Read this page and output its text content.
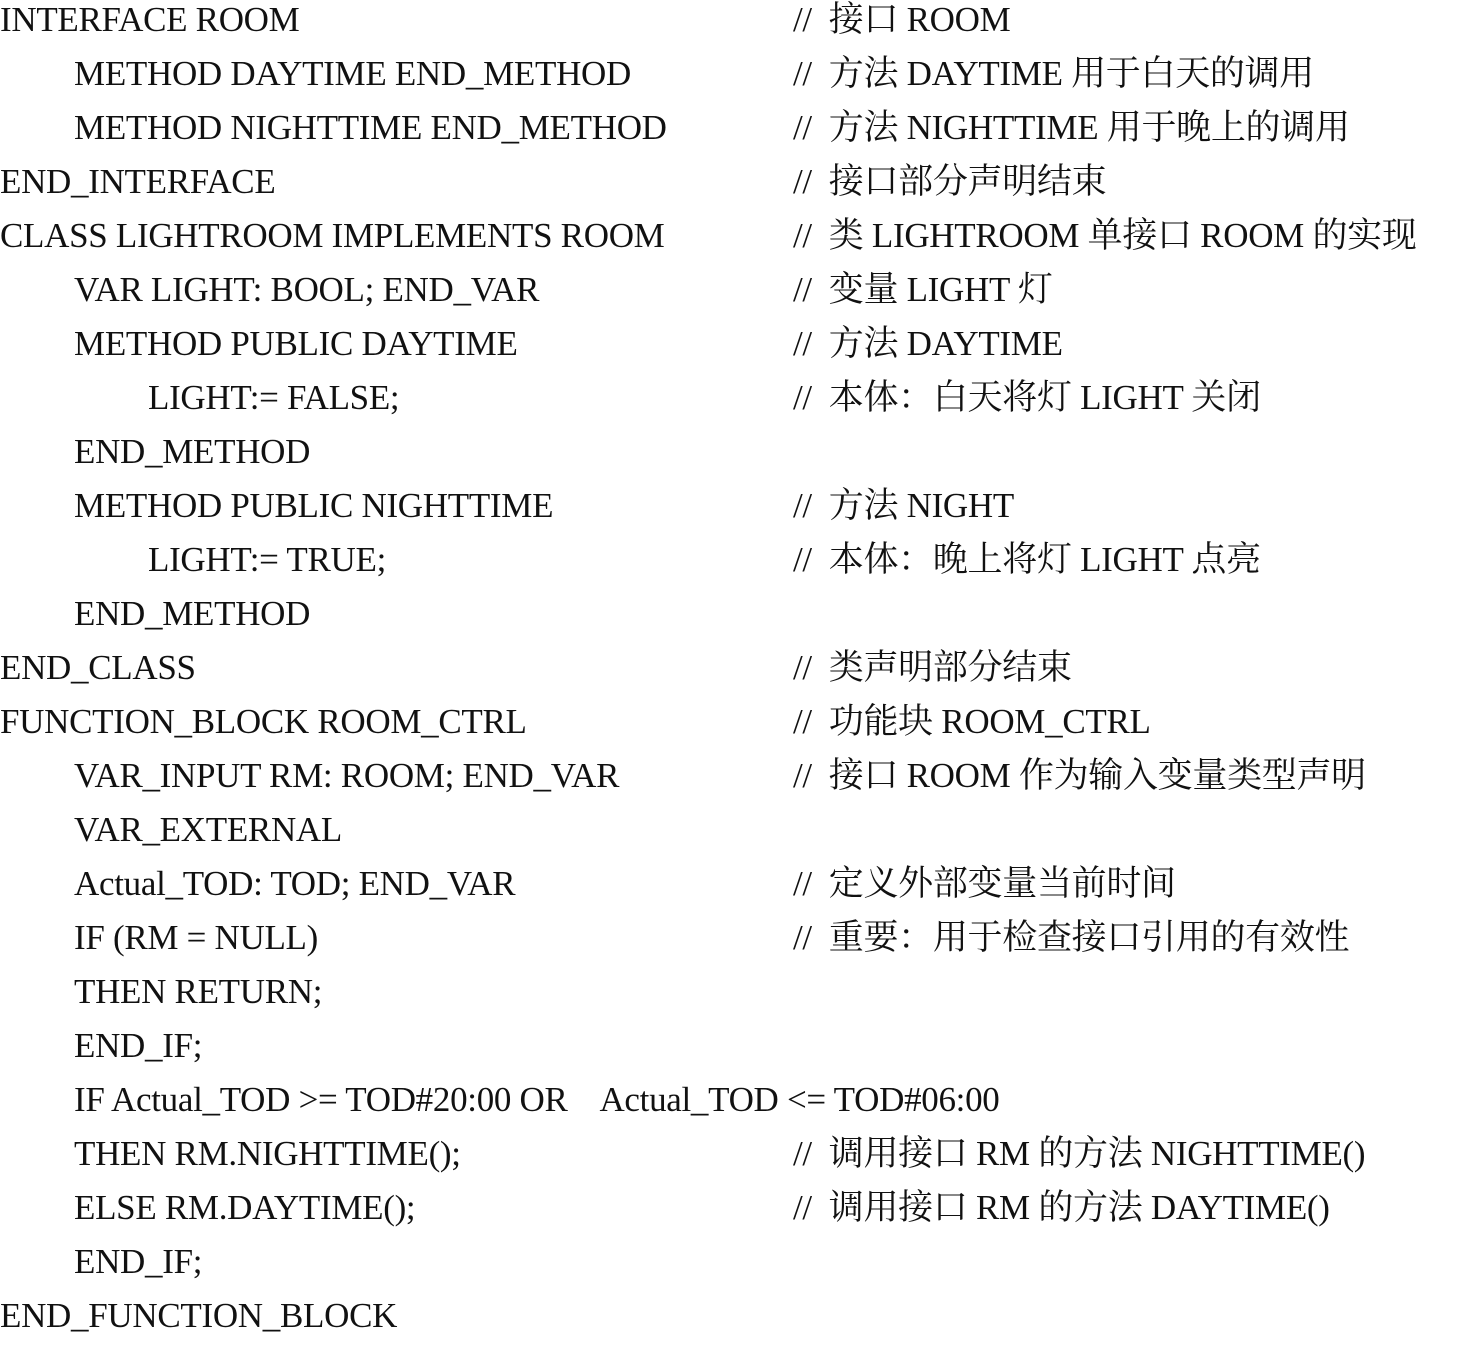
INTERFACE ROOM	//  接口 ROOM
METHOD DAYTIME END_METHOD	//  方法 DAYTIME 用于白天的调用
METHOD NIGHTTIME END_METHOD	//  方法 NIGHTTIME 用于晚上的调用
END_INTERFACE	//  接口部分声明结束
CLASS LIGHTROOM IMPLEMENTS ROOM	//  类 LIGHTROOM 单接口 ROOM 的实现
VAR LIGHT: BOOL; END_VAR	//  变量 LIGHT 灯
METHOD PUBLIC DAYTIME	//  方法 DAYTIME
LIGHT:= FALSE;	//  本体：白天将灯 LIGHT 关闭
END_METHOD
METHOD PUBLIC NIGHTTIME	//  方法 NIGHT
LIGHT:= TRUE;	//  本体：晚上将灯 LIGHT 点亮
END_METHOD
END_CLASS	//  类声明部分结束
FUNCTION_BLOCK ROOM_CTRL	//  功能块 ROOM_CTRL
VAR_INPUT RM: ROOM; END_VAR	//  接口 ROOM 作为输入变量类型声明
VAR_EXTERNAL
Actual_TOD: TOD; END_VAR	//  定义外部变量当前时间
IF (RM = NULL)	//  重要：用于检查接口引用的有效性
THEN RETURN;
END_IF;
IF Actual_TOD >= TOD#20:00 OR    Actual_TOD <= TOD#06:00
THEN RM.NIGHTTIME();	//  调用接口 RM 的方法 NIGHTTIME()
ELSE RM.DAYTIME();	//  调用接口 RM 的方法 DAYTIME()
END_IF;
END_FUNCTION_BLOCK
